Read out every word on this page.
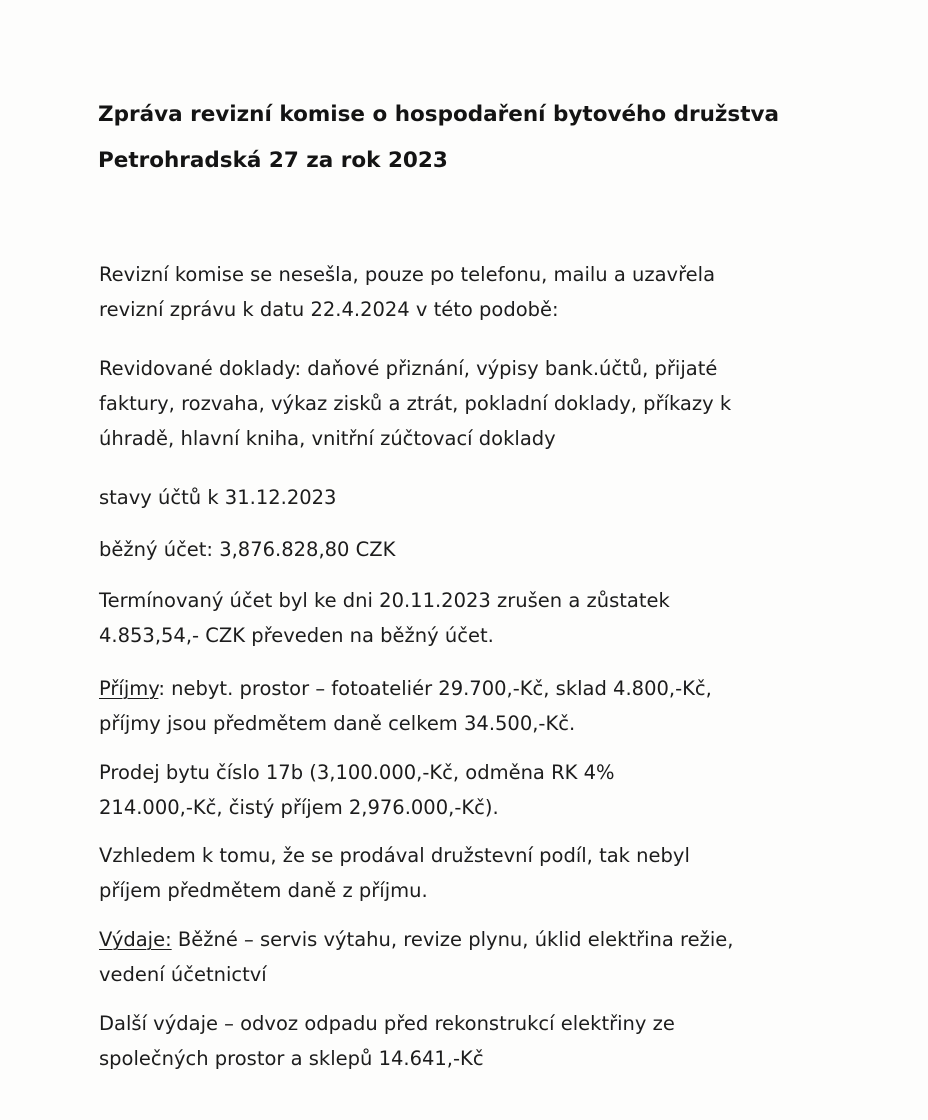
Zpráva revizní komise o hospodaření bytového družstva
Petrohradská 27 za rok 2023

Revizní komise se nesešla, pouze po telefonu, mailu a uzavřela
revizní zprávu k datu 22.4.2024 v této podobě:

Revidované doklady: daňové přiznání, výpisy bank.účtů, přijaté
faktury, rozvaha, výkaz zisků a ztrát, pokladní doklady, příkazy k
úhradě, hlavní kniha, vnitřní zúčtovací doklady

stavy účtů k 31.12.2023

běžný účet: 3,876.828,80 CZK

Termínovaný účet byl ke dni 20.11.2023 zrušen a zůstatek
4.853,54,- CZK převeden na běžný účet.

Příjmy: nebyt. prostor – fotoateliér 29.700,-Kč, sklad 4.800,-Kč,
příjmy jsou předmětem daně celkem 34.500,-Kč.

Prodej bytu číslo 17b (3,100.000,-Kč, odměna RK 4%
214.000,-Kč, čistý příjem 2,976.000,-Kč).

Vzhledem k tomu, že se prodával družstevní podíl, tak nebyl
příjem předmětem daně z příjmu.

Výdaje: Běžné – servis výtahu, revize plynu, úklid elektřina režie,
vedení účetnictví

Další výdaje – odvoz odpadu před rekonstrukcí elektřiny ze
společných prostor a sklepů 14.641,-Kč
